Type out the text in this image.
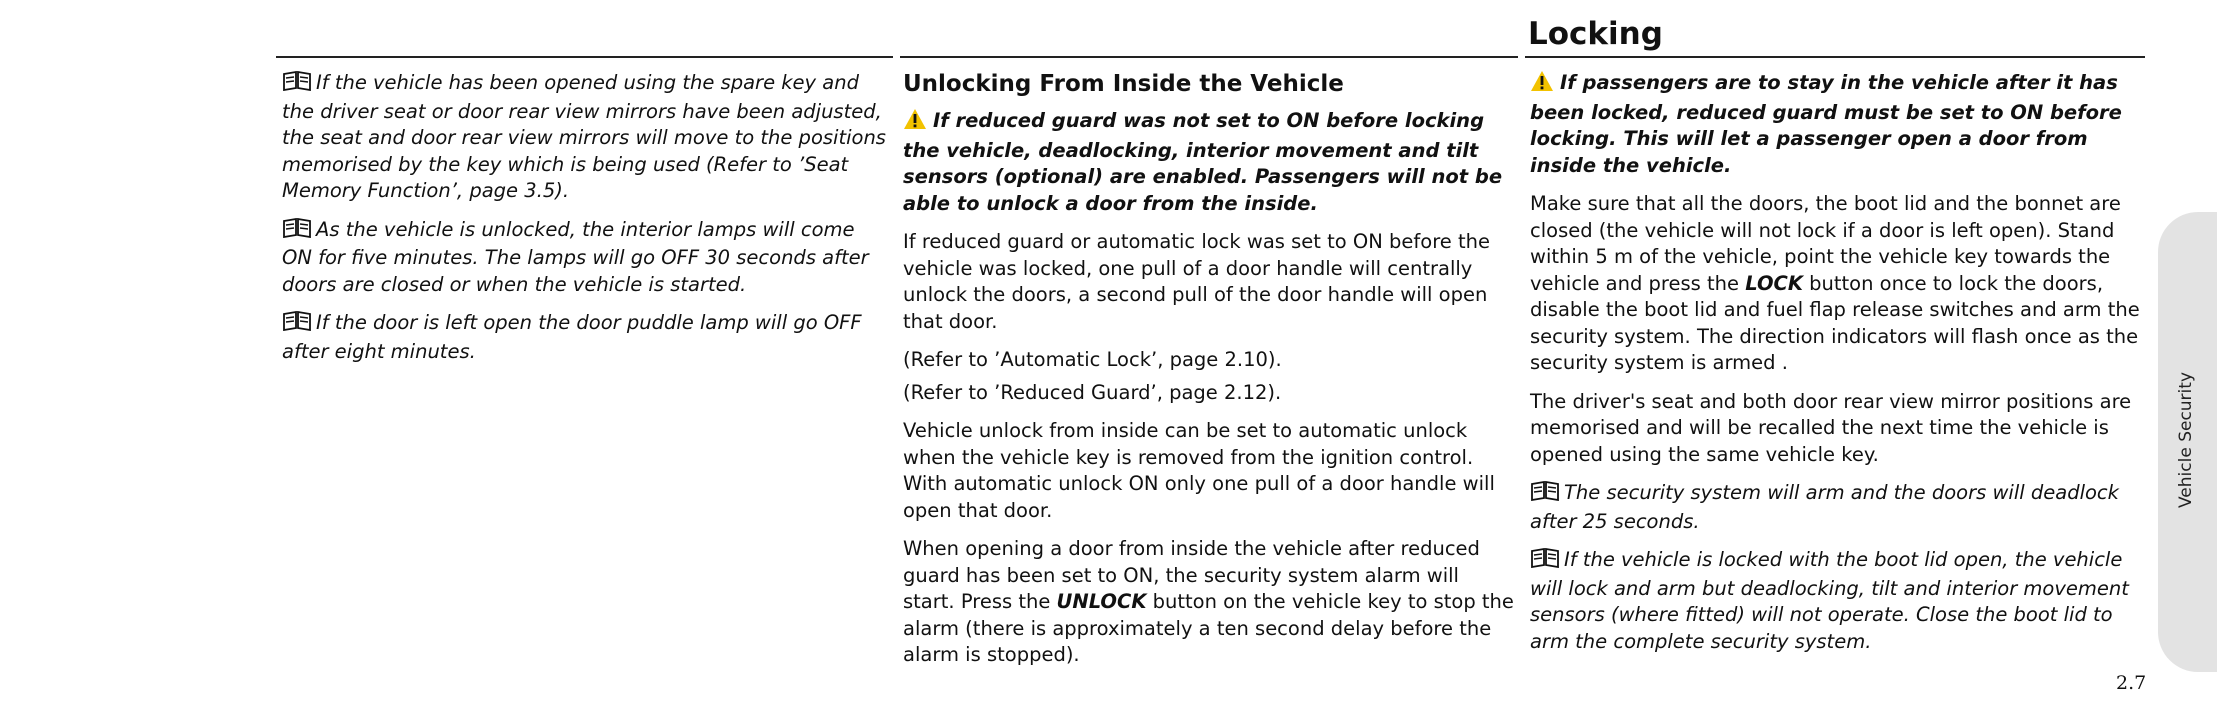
Locking

If the vehicle has been opened using the spare key and the driver seat or door rear view mirrors have been adjusted, the seat and door rear view mirrors will move to the positions memorised by the key which is being used (Refer to ’Seat Memory Function’, page 3.5).

As the vehicle is unlocked, the interior lamps will come ON for five minutes. The lamps will go OFF 30 seconds after doors are closed or when the vehicle is started.

If the door is left open the door puddle lamp will go OFF after eight minutes.

Unlocking From Inside the Vehicle

If reduced guard was not set to ON before locking the vehicle, deadlocking, interior movement and tilt sensors (optional) are enabled. Passengers will not be able to unlock a door from the inside.

If reduced guard or automatic lock was set to ON before the vehicle was locked, one pull of a door handle will centrally unlock the doors, a second pull of the door handle will open that door.

(Refer to ’Automatic Lock’, page 2.10).

(Refer to ’Reduced Guard’, page 2.12).

Vehicle unlock from inside can be set to automatic unlock when the vehicle key is removed from the ignition control. With automatic unlock ON only one pull of a door handle will open that door.

When opening a door from inside the vehicle after reduced guard has been set to ON, the security system alarm will start. Press the UNLOCK button on the vehicle key to stop the alarm (there is approximately a ten second delay before the alarm is stopped).

If passengers are to stay in the vehicle after it has been locked, reduced guard must be set to ON before locking. This will let a passenger open a door from inside the vehicle.

Make sure that all the doors, the boot lid and the bonnet are closed (the vehicle will not lock if a door is left open). Stand within 5 m of the vehicle, point the vehicle key towards the vehicle and press the LOCK button once to lock the doors, disable the boot lid and fuel flap release switches and arm the security system. The direction indicators will flash once as the security system is armed .

The driver's seat and both door rear view mirror positions are memorised and will be recalled the next time the vehicle is opened using the same vehicle key.

The security system will arm and the doors will deadlock after 25 seconds.

If the vehicle is locked with the boot lid open, the vehicle will lock and arm but deadlocking, tilt and interior movement sensors (where fitted) will not operate. Close the boot lid to arm the complete security system.

Vehicle Security
2.7
